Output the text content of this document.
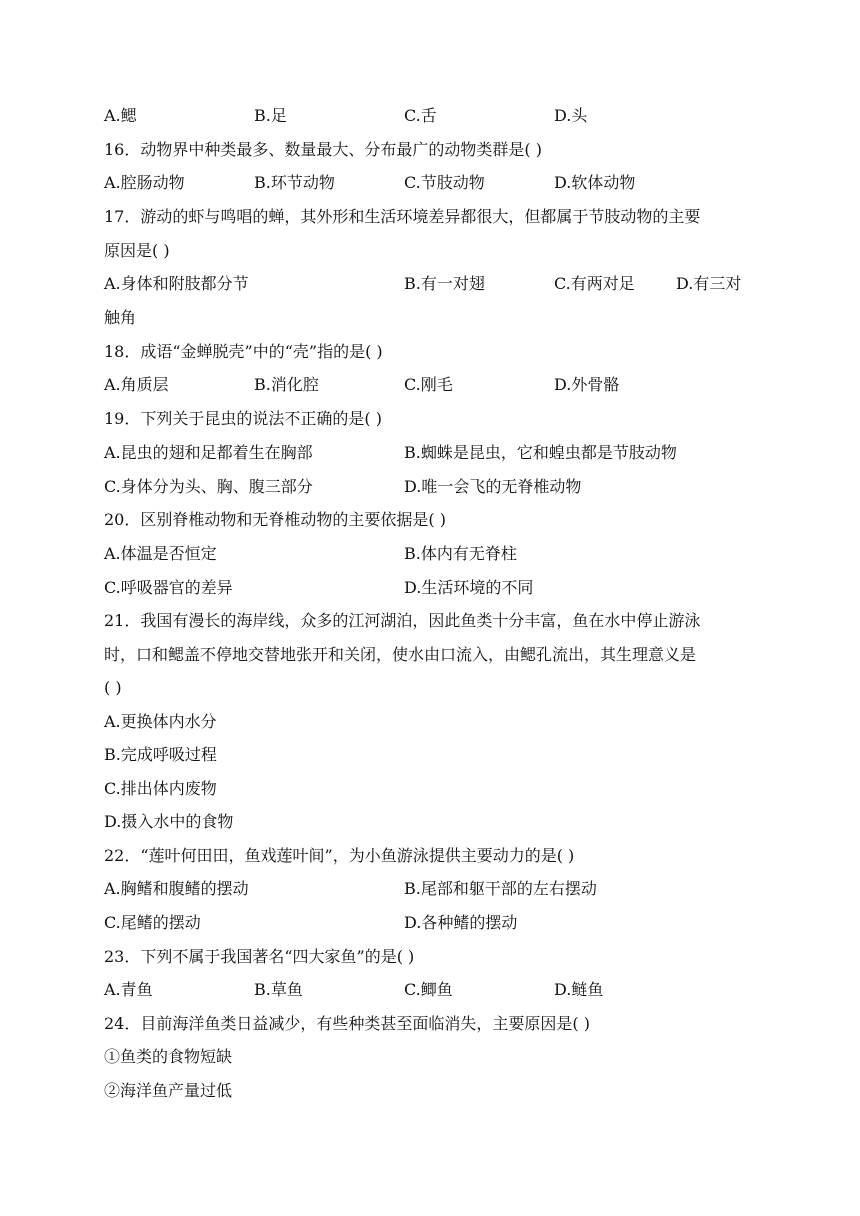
A.鳃	B.足	C.舌	D.头
16．动物界中种类最多、数量最大、分布最广的动物类群是( )
A.腔肠动物	B.环节动物	C.节肢动物	D.软体动物
17．游动的虾与鸣唱的蝉，其外形和生活环境差异都很大，但都属于节肢动物的主要
原因是( )
A.身体和附肢都分节	B.有一对翅	C.有两对足	D.有三对
触角
18．成语“金蝉脱壳”中的“壳”指的是( )
A.角质层	B.消化腔	C.刚毛	D.外骨骼
19．下列关于昆虫的说法不正确的是( )
A.昆虫的翅和足都着生在胸部	B.蜘蛛是昆虫，它和蝗虫都是节肢动物
C.身体分为头、胸、腹三部分	D.唯一会飞的无脊椎动物
20．区别脊椎动物和无脊椎动物的主要依据是( )
A.体温是否恒定	B.体内有无脊柱
C.呼吸器官的差异	D.生活环境的不同
21．我国有漫长的海岸线，众多的江河湖泊，因此鱼类十分丰富，鱼在水中停止游泳
时，口和鳃盖不停地交替地张开和关闭，使水由口流入，由鳃孔流出，其生理意义是
( )
A.更换体内水分
B.完成呼吸过程
C.排出体内废物
D.摄入水中的食物
22．“莲叶何田田，鱼戏莲叶间”，为小鱼游泳提供主要动力的是( )
A.胸鳍和腹鳍的摆动	B.尾部和躯干部的左右摆动
C.尾鳍的摆动	D.各种鳍的摆动
23．下列不属于我国著名“四大家鱼”的是( )
A.青鱼	B.草鱼	C.鲫鱼	D.鲢鱼
24．目前海洋鱼类日益减少，有些种类甚至面临消失，主要原因是( )
①鱼类的食物短缺
②海洋鱼产量过低
